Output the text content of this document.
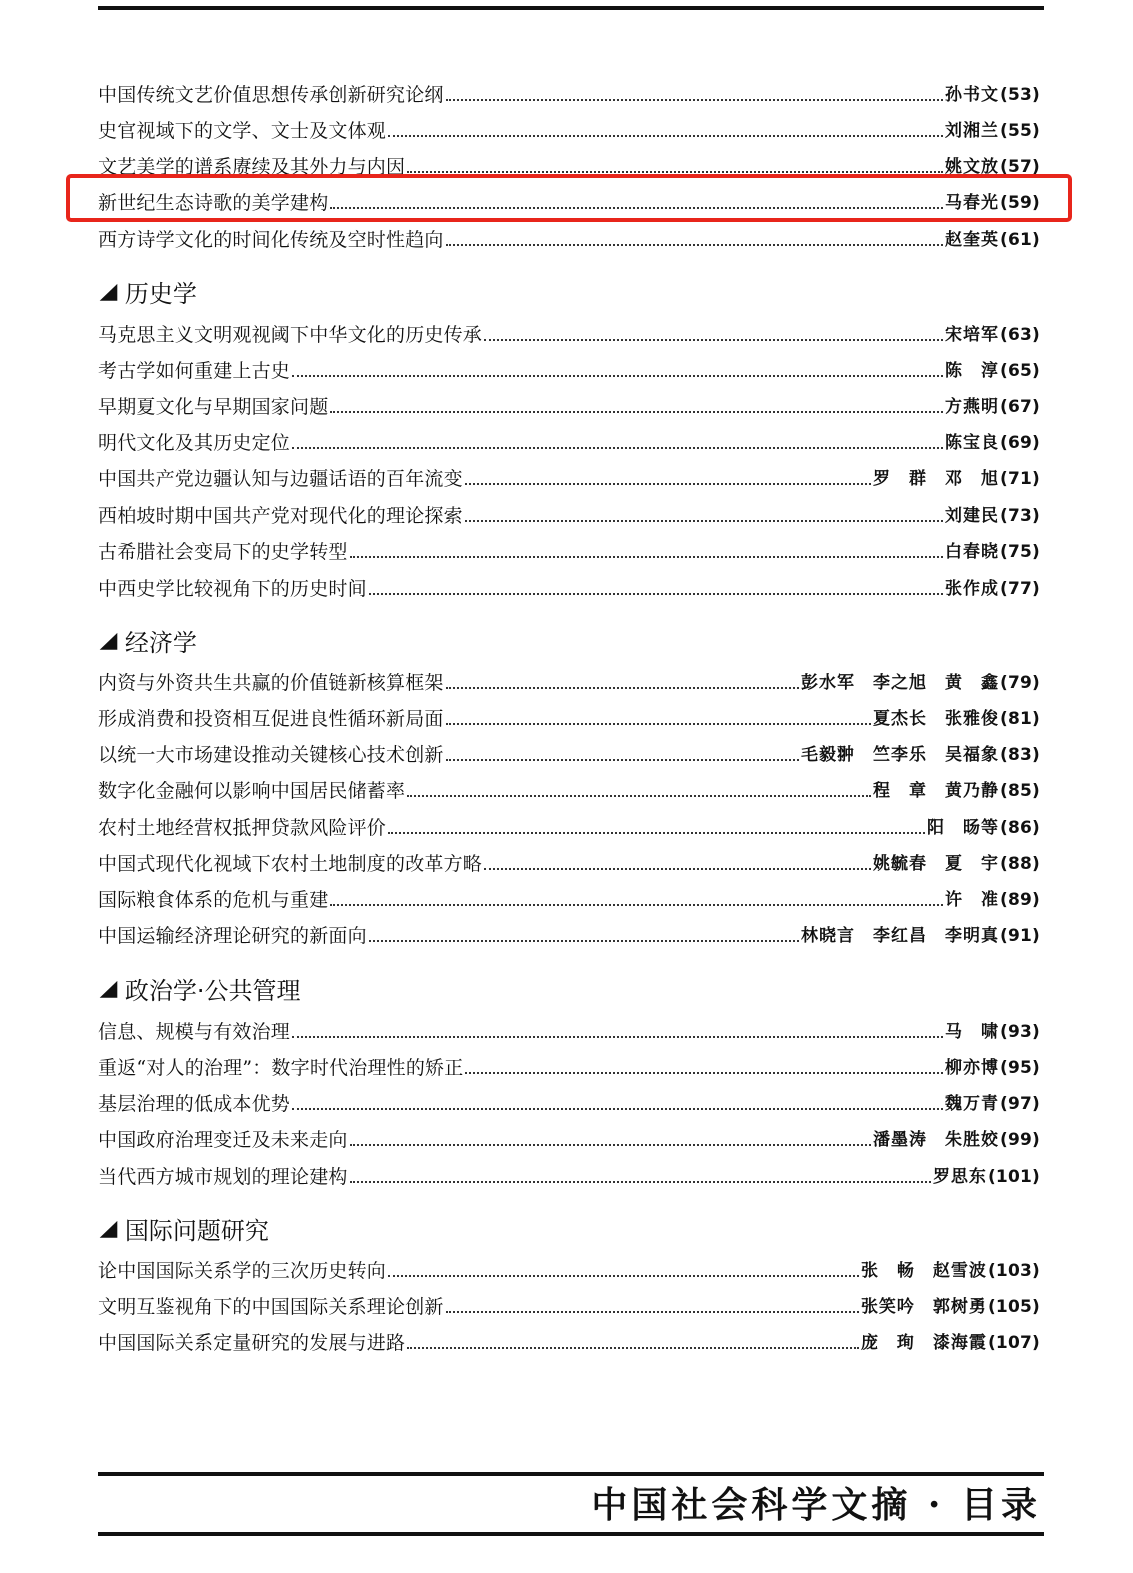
中国传统文艺价值思想传承创新研究论纲	孙书文 (53)
史官视域下的文学、文士及文体观	刘湘兰 (55)
文艺美学的谱系赓续及其外力与内因	姚文放 (57)
新世纪生态诗歌的美学建构	马春光 (59)
西方诗学文化的时间化传统及空时性趋向	赵奎英 (61)
◢ 历史学
马克思主义文明观视阈下中华文化的历史传承	宋培军 (63)
考古学如何重建上古史	陈　淳 (65)
早期夏文化与早期国家问题	方燕明 (67)
明代文化及其历史定位	陈宝良 (69)
中国共产党边疆认知与边疆话语的百年流变	罗　群　邓　旭 (71)
西柏坡时期中国共产党对现代化的理论探索	刘建民 (73)
古希腊社会变局下的史学转型	白春晓 (75)
中西史学比较视角下的历史时间	张作成 (77)
◢ 经济学
内资与外资共生共赢的价值链新核算框架	彭水军　李之旭　黄　鑫 (79)
形成消费和投资相互促进良性循环新局面	夏杰长　张雅俊 (81)
以统一大市场建设推动关键核心技术创新	毛毅翀　竺李乐　吴福象 (83)
数字化金融何以影响中国居民储蓄率	程　章　黄乃静 (85)
农村土地经营权抵押贷款风险评价	阳　旸等 (86)
中国式现代化视域下农村土地制度的改革方略	姚毓春　夏　宇 (88)
国际粮食体系的危机与重建	许　准 (89)
中国运输经济理论研究的新面向	林晓言　李红昌　李明真 (91)
◢ 政治学·公共管理
信息、规模与有效治理	马　啸 (93)
重返“对人的治理”：数字时代治理性的矫正	柳亦博 (95)
基层治理的低成本优势	魏万青 (97)
中国政府治理变迁及未来走向	潘墨涛　朱胜姣 (99)
当代西方城市规划的理论建构	罗思东 (101)
◢ 国际问题研究
论中国国际关系学的三次历史转向	张　畅　赵雪波 (103)
文明互鉴视角下的中国国际关系理论创新	张笑吟　郭树勇 (105)
中国国际关系定量研究的发展与进路	庞　珣　漆海霞 (107)
中国社会科学文摘 · 目录
